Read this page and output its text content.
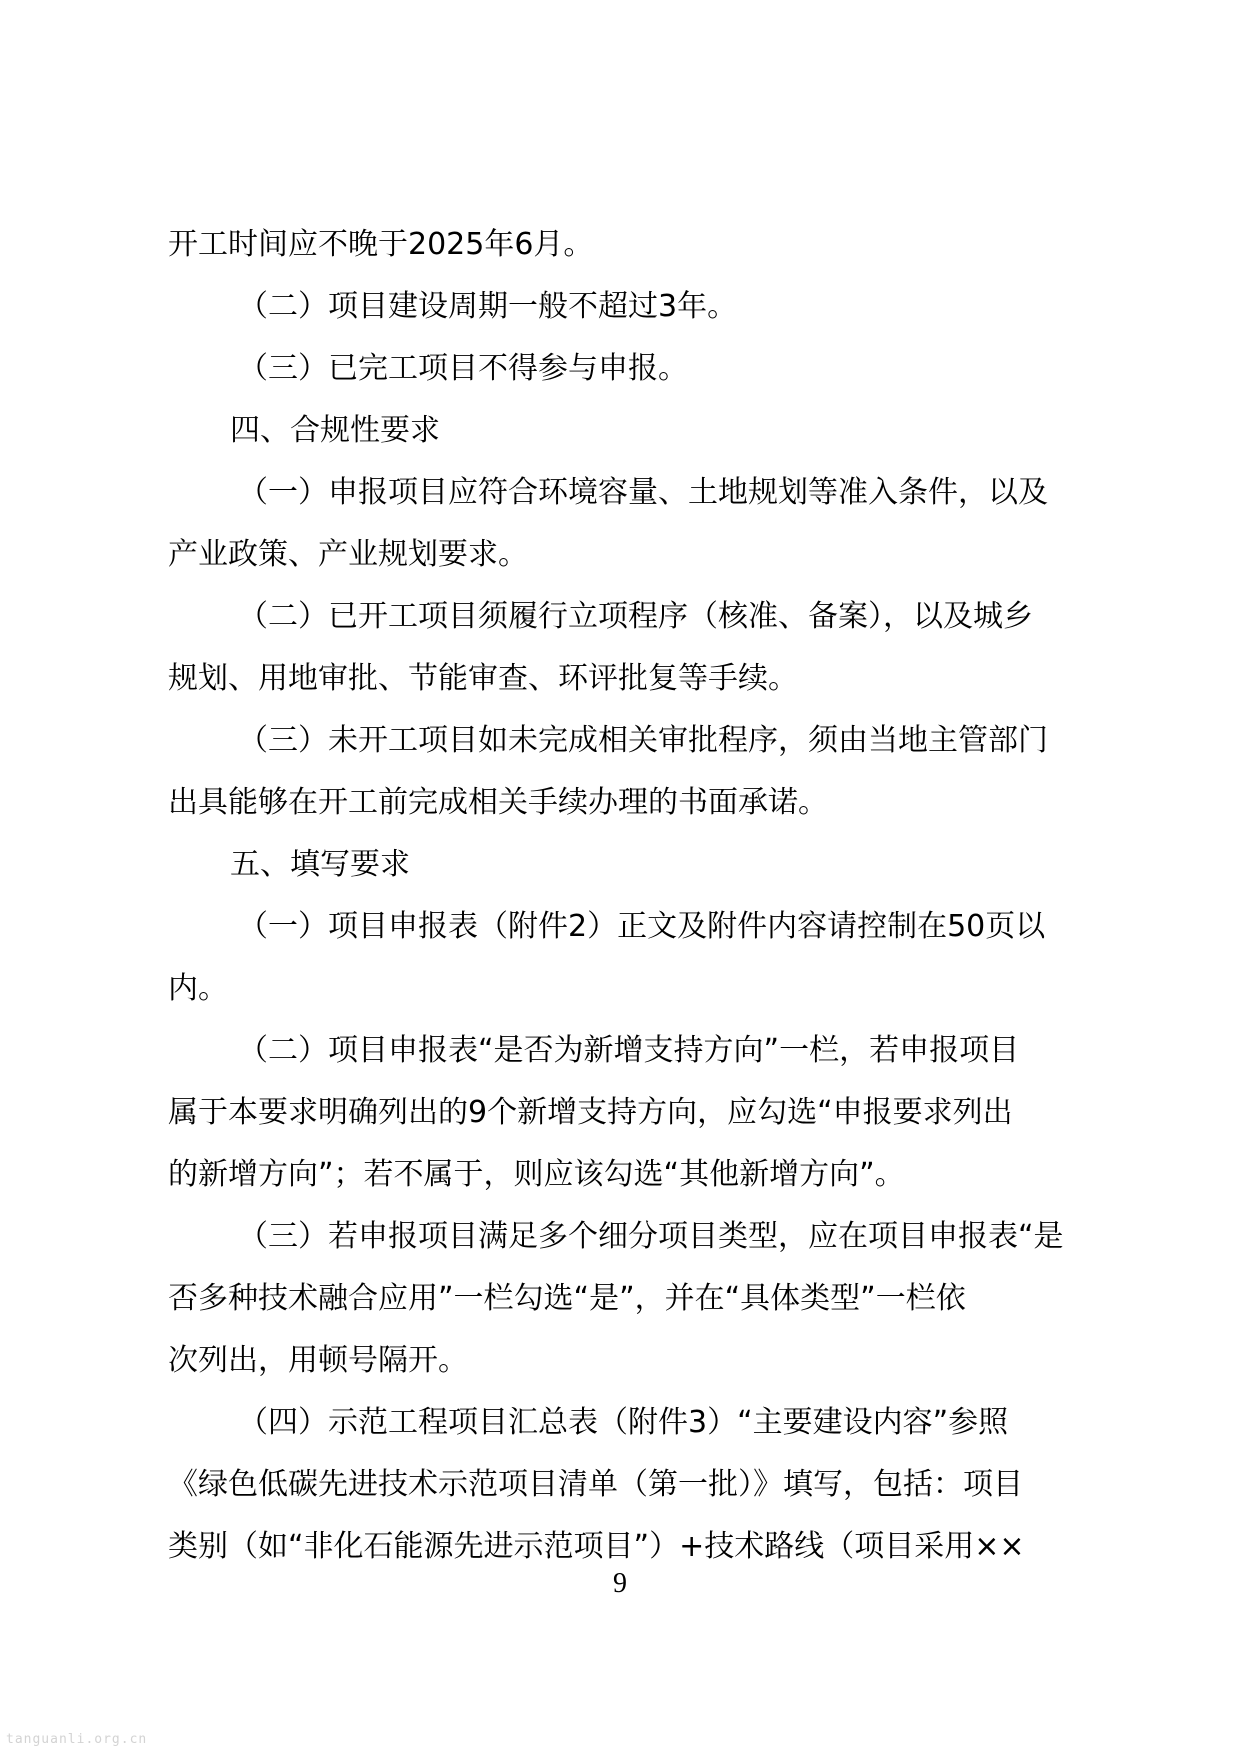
开工时间应不晚于2025年6月。
（二）项目建设周期一般不超过3年。
（三）已完工项目不得参与申报。
四、合规性要求
（一）申报项目应符合环境容量、土地规划等准入条件，以及
产业政策、产业规划要求。
（二）已开工项目须履行立项程序（核准、备案），以及城乡
规划、用地审批、节能审查、环评批复等手续。
（三）未开工项目如未完成相关审批程序，须由当地主管部门
出具能够在开工前完成相关手续办理的书面承诺。
五、填写要求
（一）项目申报表（附件2）正文及附件内容请控制在50页以
内。
（二）项目申报表“是否为新增支持方向”一栏，若申报项目
属于本要求明确列出的9个新增支持方向，应勾选“申报要求列出
的新增方向”；若不属于，则应该勾选“其他新增方向”。
（三）若申报项目满足多个细分项目类型，应在项目申报表“是
否多种技术融合应用”一栏勾选“是”，并在“具体类型”一栏依
次列出，用顿号隔开。
（四）示范工程项目汇总表（附件3）“主要建设内容”参照
《绿色低碳先进技术示范项目清单（第一批）》填写，包括：项目
类别（如“非化石能源先进示范项目”）+技术路线（项目采用××
9
tanguanli.org.cn
